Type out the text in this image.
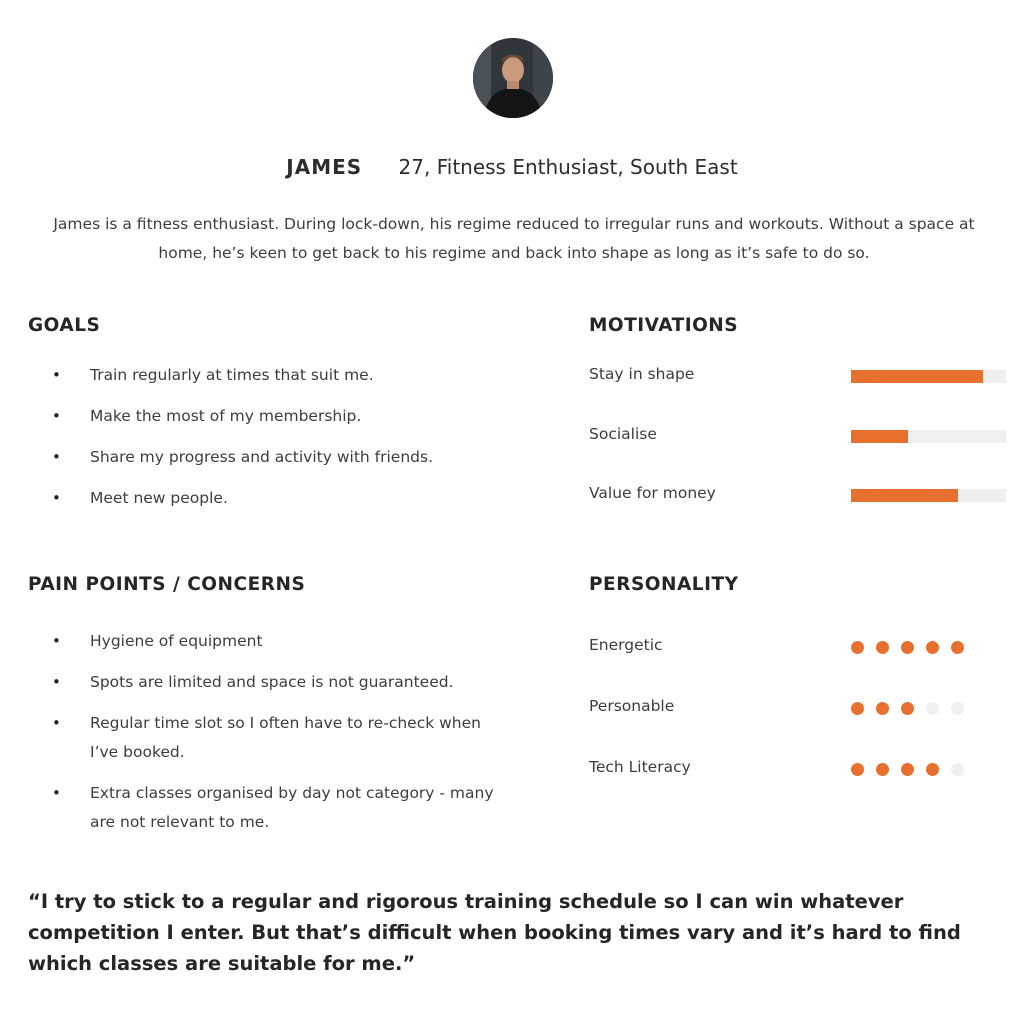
JAMES 27, Fitness Enthusiast, South East
James is a fitness enthusiast. During lock-down, his regime reduced to irregular runs and workouts. Without a space at home, he’s keen to get back to his regime and back into shape as long as it’s safe to do so.
GOALS
• Train regularly at times that suit me.
• Make the most of my membership.
• Share my progress and activity with friends.
• Meet new people.
PAIN POINTS / CONCERNS
• Hygiene of equipment
• Spots are limited and space is not guaranteed.
• Regular time slot so I often have to re-check when I’ve booked.
• Extra classes organised by day not category - many are not relevant to me.
MOTIVATIONS
Stay in shape
Socialise
Value for money
PERSONALITY
Energetic
Personable
Tech Literacy
“I try to stick to a regular and rigorous training schedule so I can win whatever competition I enter. But that’s difficult when booking times vary and it’s hard to find which classes are suitable for me.”
